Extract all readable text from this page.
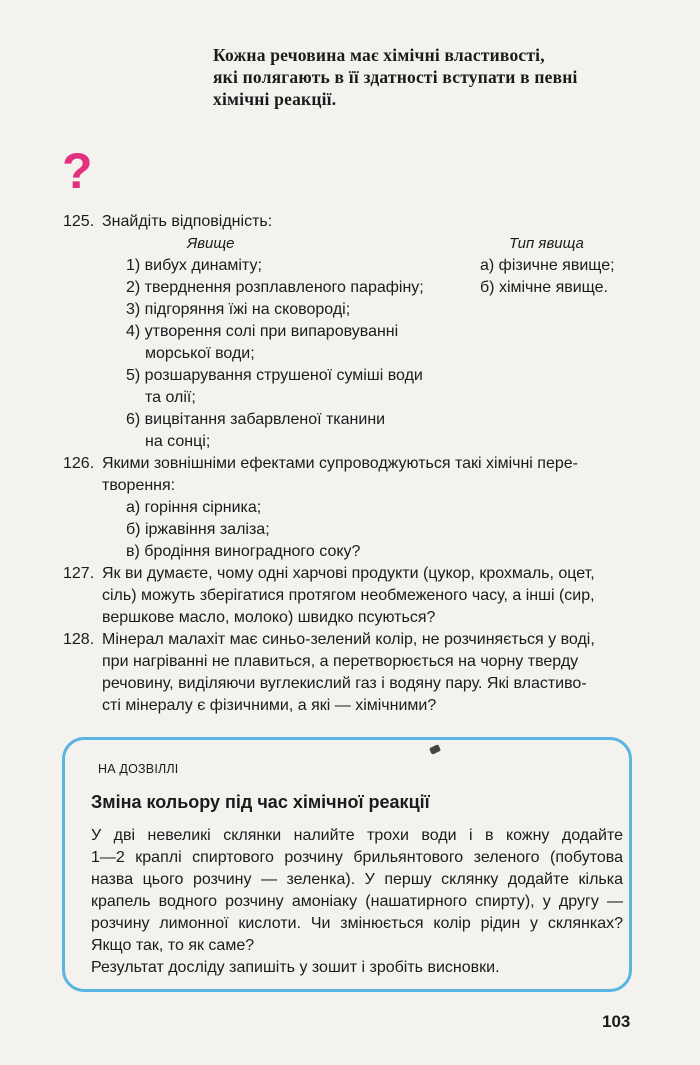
Кожна речовина має хімічні властивості,
які полягають в її здатності вступати в певні
хімічні реакції.
?
125. Знайдіть відповідність:
Явище	Тип явища
1) вибух динаміту;
2) тверднення розплавленого парафіну;
3) підгоряння їжі на сковороді;
4) утворення солі при випаровуванні
морської води;
5) розшарування струшеної суміші води
та олії;
6) вицвітання забарвленої тканини
на сонці;
а) фізичне явище;
б) хімічне явище.
126. Якими зовнішніми ефектами супроводжуються такі хімічні пере-
творення:
а) горіння сірника;
б) іржавіння заліза;
в) бродіння виноградного соку?
127. Як ви думаєте, чому одні харчові продукти (цукор, крохмаль, оцет,
сіль) можуть зберігатися протягом необмеженого часу, а інші (сир,
вершкове масло, молоко) швидко псуються?
128. Мінерал малахіт має синьо-зелений колір, не розчиняється у воді,
при нагріванні не плавиться, а перетворюється на чорну тверду
речовину, виділяючи вуглекислий газ і водяну пару. Які властиво-
сті мінералу є фізичними, а які — хімічними?
НА ДОЗВІЛЛІ
Зміна кольору під час хімічної реакції
У дві невеликі склянки налийте трохи води і в кожну додайте
1—2 краплі спиртового розчину брильянтового зеленого (побутова
назва цього розчину — зеленка). У першу склянку додайте кілька
крапель водного розчину амоніаку (нашатирного спирту), у другу —
розчину лимонної кислоти. Чи змінюється колір рідин у склянках?
Якщо так, то як саме?
Результат досліду запишіть у зошит і зробіть висновки.
103
